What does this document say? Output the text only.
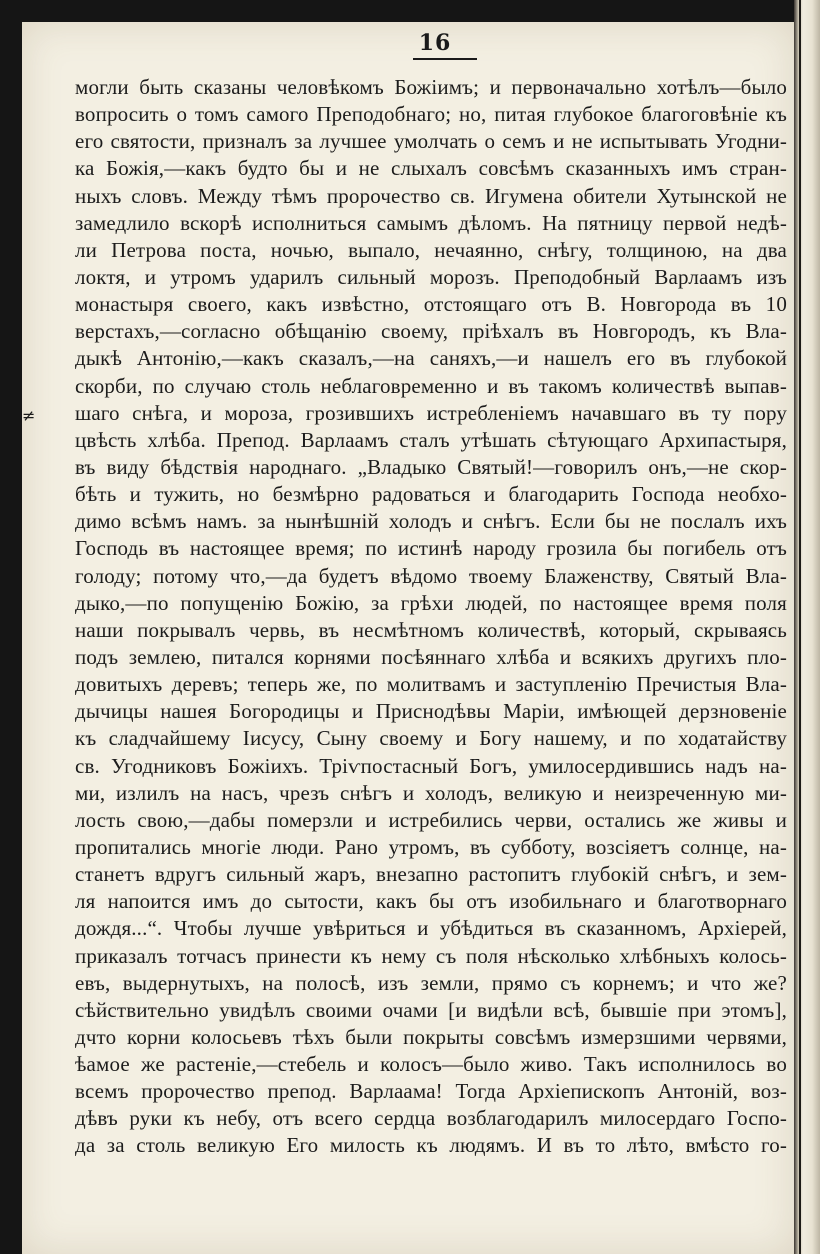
≠
16
могли быть сказаны человѣкомъ Божіимъ; и первоначально хотѣлъ—было
вопросить о томъ самого Преподобнаго; но, питая глубокое благоговѣніе къ
его святости, призналъ за лучшее умолчать о семъ и не испытывать Угодни-
ка Божія,—какъ будто бы и не слыхалъ совсѣмъ сказанныхъ имъ стран-
ныхъ словъ. Между тѣмъ пророчество св. Игумена обители Хутынской не
замедлило вскорѣ исполниться самымъ дѣломъ. На пятницу первой недѣ-
ли Петрова поста, ночью, выпало, нечаянно, снѣгу, толщиною, на два
локтя, и утромъ ударилъ сильный морозъ. Преподобный Варлаамъ изъ
монастыря своего, какъ извѣстно, отстоящаго отъ В. Новгорода въ 10
верстахъ,—согласно обѣщанію своему, пріѣхалъ въ Новгородъ, къ Вла-
дыкѣ Антонію,—какъ сказалъ,—на саняхъ,—и нашелъ его въ глубокой
скорби, по случаю столь неблаговременно и въ такомъ количествѣ выпав-
шаго снѣга, и мороза, грозившихъ истребленіемъ начавшаго въ ту пору
цвѣсть хлѣба. Препод. Варлаамъ сталъ утѣшать сѣтующаго Архипастыря,
въ виду бѣдствія народнаго. „Владыко Святый!—говорилъ онъ,—не скор-
бѣть и тужить, но безмѣрно радоваться и благодарить Господа необхо-
димо всѣмъ намъ. за нынѣшній холодъ и снѣгъ. Если бы не послалъ ихъ
Господь въ настоящее время; по истинѣ народу грозила бы погибель отъ
голоду; потому что,—да будетъ вѣдомо твоему Блаженству, Святый Вла-
дыко,—по попущенію Божію, за грѣхи людей, по настоящее время поля
наши покрывалъ червь, въ несмѣтномъ количествѣ, который, скрываясь
подъ землею, питался корнями посѣяннаго хлѣба и всякихъ другихъ пло-
довитыхъ деревъ; теперь же, по молитвамъ и заступленію Пречистыя Вла-
дычицы нашея Богородицы и Приснодѣвы Маріи, имѣющей дерзновеніе
къ сладчайшему Іисусу, Сыну своему и Богу нашему, и по ходатайству
св. Угодниковъ Божіихъ. Трiѵпостасный Богъ, умилосердившись надъ на-
ми, излилъ на насъ, чрезъ снѣгъ и холодъ, великую и неизреченную ми-
лость свою,—дабы померзли и истребились черви, остались же живы и
пропитались многіе люди. Рано утромъ, въ субботу, возсіяетъ солнце, на-
станетъ вдругъ сильный жаръ, внезапно растопитъ глубокій снѣгъ, и зем-
ля напоится имъ до сытости, какъ бы отъ изобильнаго и благотворнаго
дождя...“. Чтобы лучше увѣриться и убѣдиться въ сказанномъ, Архіерей,
приказалъ тотчасъ принести къ нему съ поля нѣсколько хлѣбныхъ колось-
евъ, выдернутыхъ, на полосѣ, изъ земли, прямо съ корнемъ; и что же?
сѣйствительно увидѣлъ своими очами [и видѣли всѣ, бывшіе при этомъ],
дчто корни колосьевъ тѣхъ были покрыты совсѣмъ измерзшими червями,
ѣамое же растеніе,—стебель и колосъ—было живо. Такъ исполнилось во
всемъ пророчество препод. Варлаама! Тогда Архіепископъ Антоній, воз-
дѣвъ руки къ небу, отъ всего сердца возблагодарилъ милосердаго Госпо-
да за столь великую Его милость къ людямъ. И въ то лѣто, вмѣсто го-
